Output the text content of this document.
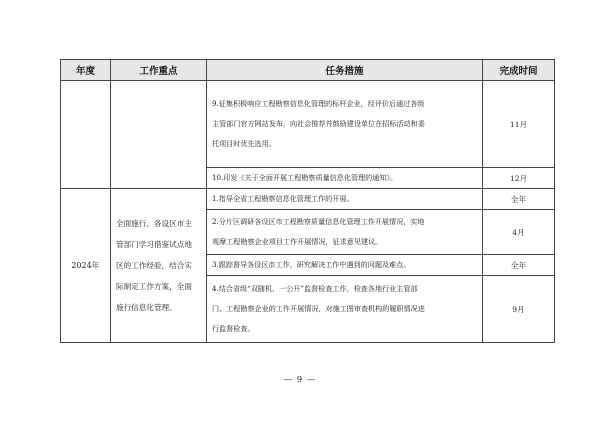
年度	工作重点	任务措施	完成时间

		9.征集积极响应工程勘察信息化管理的标杆企业，经评价后通过各级
主管部门官方网站发布，向社会推荐并鼓励建设单位在招标活动和委
托项目时优先选用。	11月

		10.印发《关于全面开展工程勘察质量信息化管理的通知》。	12月
2024年	全面施行。各设区市主
管部门学习借鉴试点地
区的工作经验，结合实
际制定工作方案，全面
施行信息化管理。	1.指导全省工程勘察信息化管理工作的开展。	全年

		2.分片区调研各设区市工程勘察质量信息化管理工作开展情况，实地
观摩工程勘察企业项目工作开展情况，征求意见建议。	4月

		3.跟踪督导各设区市工作，研究解决工作中遇到的问题及难点。	全年

		4.结合省级“双随机、一公开”监督检查工作，检查各地行业主管部
门、工程勘察企业的工作开展情况，对施工图审查机构的履职情况进
行监督检查。	9月
— 9 —
